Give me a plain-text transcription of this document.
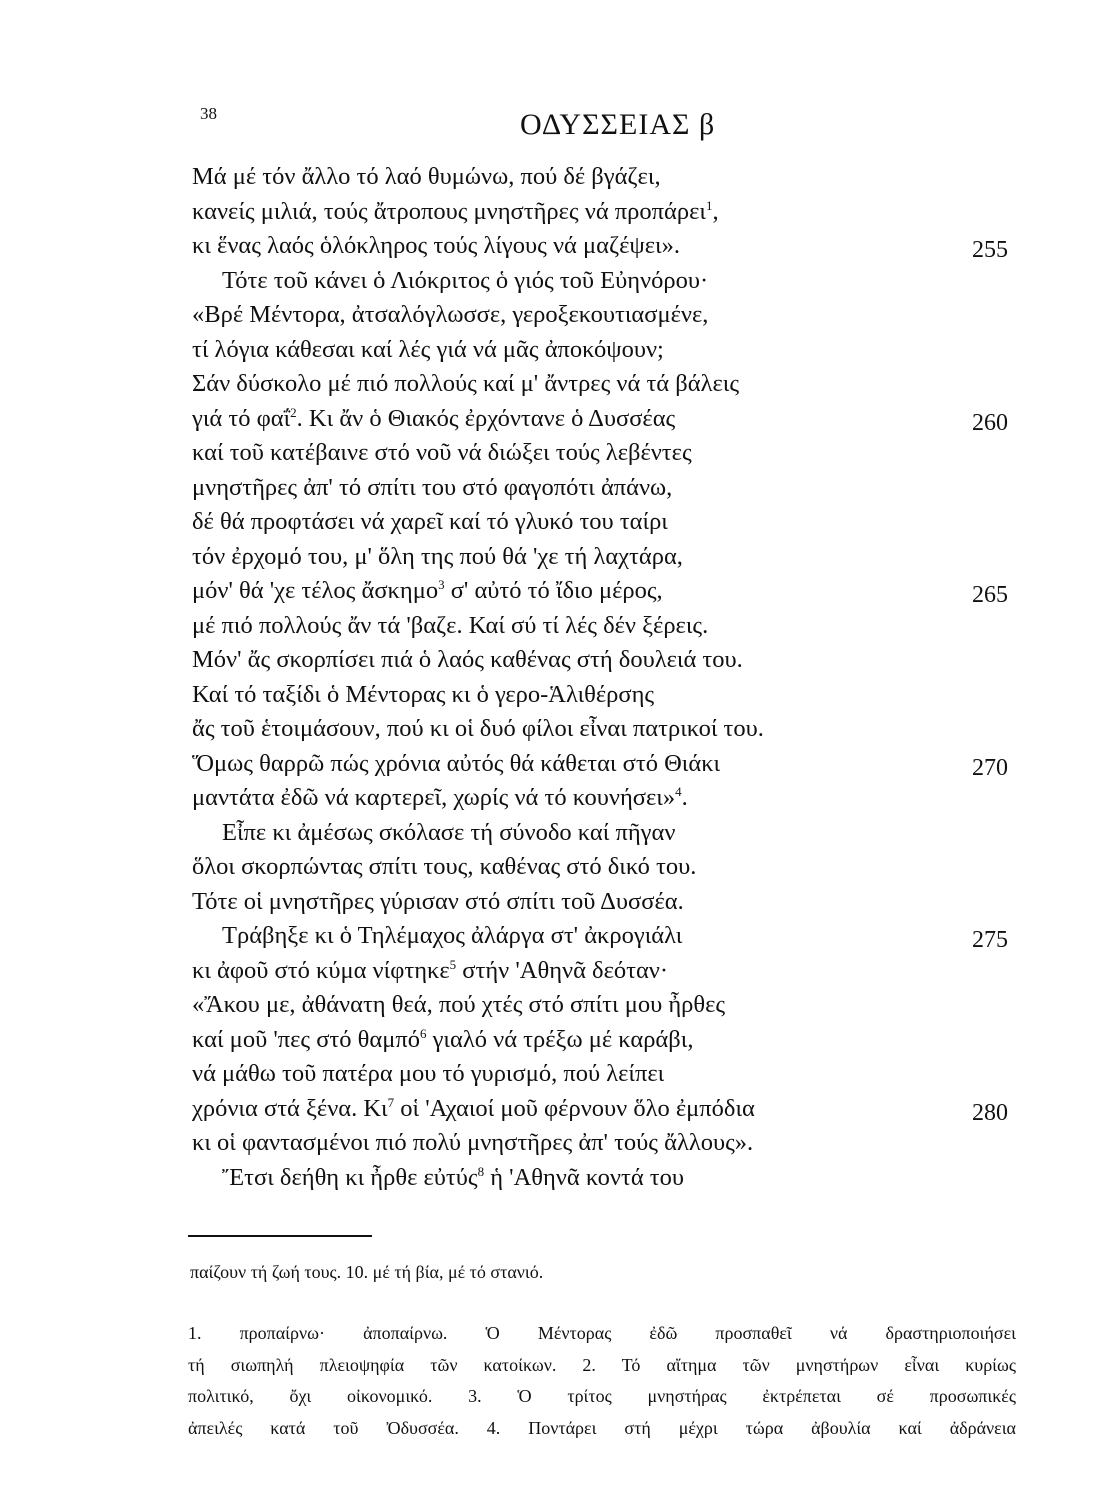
38	ΟΔΥΣΣΕΙΑΣ β
Μά μέ τόν ἄλλο τό λαό θυμώνω, πού δέ βγάζει,
κανείς μιλιά, τούς ἄτροπους μνηστῆρες νά προπάρει$^1$,
κι ἕνας λαός ὁλόκληρος τούς λίγους νά μαζέψει».	255
Τότε τοῦ κάνει ὁ Λιόκριτος ὁ γιός τοῦ Εὐηνόρου·
«Βρέ Μέντορα, ἀτσαλόγλωσσε, γεροξεκουτιασμένε,
τί λόγια κάθεσαι καί λές γιά νά μᾶς ἀποκόψουν;
Σάν δύσκολο μέ πιό πολλούς καί μ' ἄντρες νά τά βάλεις
γιά τό φαΐ$^2$. Κι ἄν ὁ Θιακός ἐρχόντανε ὁ Δυσσέας	260
καί τοῦ κατέβαινε στό νοῦ νά διώξει τούς λεβέντες
μνηστῆρες ἀπ' τό σπίτι του στό φαγοπότι ἀπάνω,
δέ θά προφτάσει νά χαρεῖ καί τό γλυκό του ταίρι
τόν ἐρχομό του, μ' ὅλη της πού θά 'χε τή λαχτάρα,
μόν' θά 'χε τέλος ἄσκημο$^3$ σ' αὐτό τό ἴδιο μέρος,	265
μέ πιό πολλούς ἄν τά 'βαζε. Καί σύ τί λές δέν ξέρεις.
Μόν' ἄς σκορπίσει πιά ὁ λαός καθένας στή δουλειά του.
Καί τό ταξίδι ὁ Μέντορας κι ὁ γερο-Ἁλιθέρσης
ἄς τοῦ ἑτοιμάσουν, πού κι οἱ δυό φίλοι εἶναι πατρικοί του.
Ὅμως θαρρῶ πώς χρόνια αὐτός θά κάθεται στό Θιάκι	270
μαντάτα ἐδῶ νά καρτερεῖ, χωρίς νά τό κουνήσει»$^4$.
Εἶπε κι ἀμέσως σκόλασε τή σύνοδο καί πῆγαν
ὅλοι σκορπώντας σπίτι τους, καθένας στό δικό του.
Τότε οἱ μνηστῆρες γύρισαν στό σπίτι τοῦ Δυσσέα.
Τράβηξε κι ὁ Τηλέμαχος ἀλάργα στ' ἀκρογιάλι	275
κι ἀφοῦ στό κύμα νίφτηκε$^5$ στήν 'Αθηνᾶ δεόταν·
«Ἄκου με, ἀθάνατη θεά, πού χτές στό σπίτι μου ἦρθες
καί μοῦ 'πες στό θαμπό$^6$ γιαλό νά τρέξω μέ καράβι,
νά μάθω τοῦ πατέρα μου τό γυρισμό, πού λείπει
χρόνια στά ξένα. $K\iota^7$ οἱ 'Αχαιοί μοῦ φέρνουν ὅλο ἐμπόδια	280
κι οἱ φαντασμένοι πιό πολύ μνηστῆρες ἀπ' τούς ἄλλους».
Ἔτσι δεήθη κι ἦρθε εὐτύς$^8$ ἡ 'Αθηνᾶ κοντά του
παίζουν τή ζωή τους. 10. μέ τή βία, μέ τό στανιό.
1. προπαίρνω· ἀποπαίρνω. Ὁ Μέντορας ἐδῶ προσπαθεῖ νά δραστηριοποιήσει
τή σιωπηλή πλειοψηφία τῶν κατοίκων. 2. Τό αἴτημα τῶν μνηστήρων εἶναι κυρίως
πολιτικό, ὄχι οἰκονομικό. 3. Ὁ τρίτος μνηστήρας ἐκτρέπεται σέ προσωπικές
ἀπειλές κατά τοῦ Ὀδυσσέα. 4. Ποντάρει στή μέχρι τώρα ἀβουλία καί ἀδράνεια
